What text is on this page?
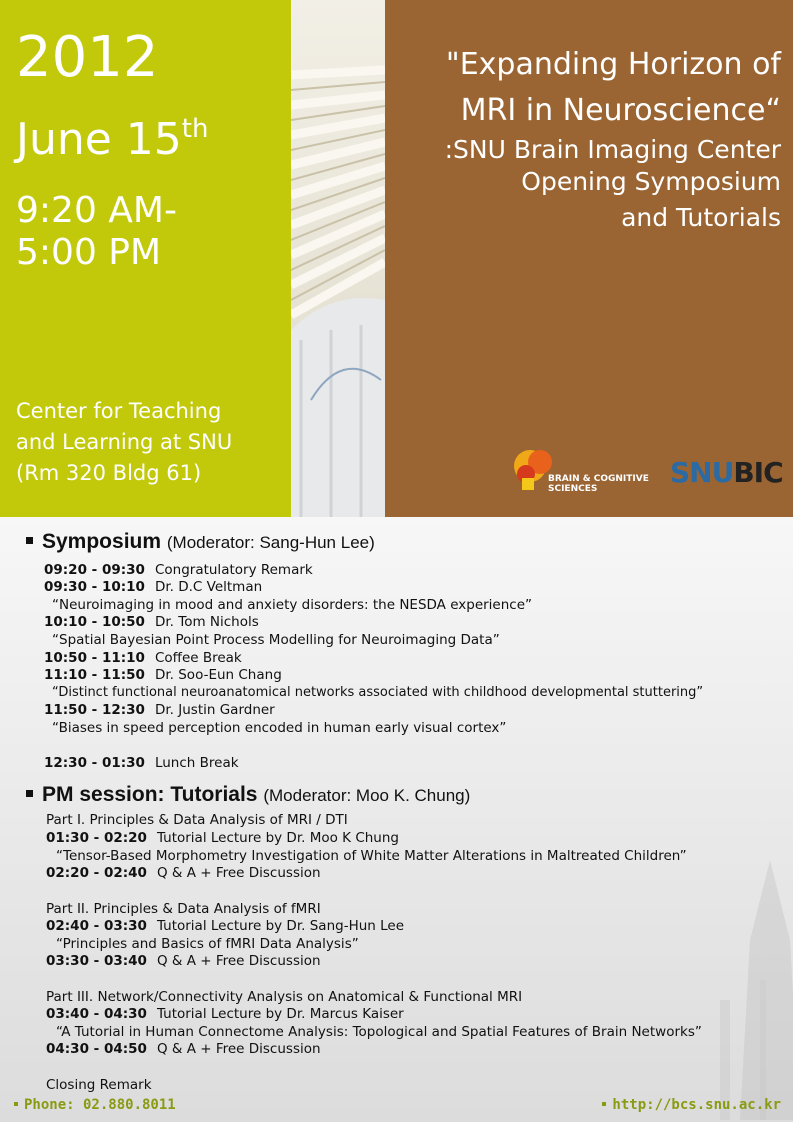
2012
June 15th
9:20 AM-
5:00 PM
Center for Teaching
and Learning at SNU
(Rm 320 Bldg 61)
"Expanding Horizon of
MRI in Neuroscience“
:SNU Brain Imaging Center
Opening Symposium
and Tutorials
BRAIN & COGNITIVE
SCIENCES	SNUBIC
Symposium (Moderator: Sang-Hun Lee)
09:20 - 09:30 Congratulatory Remark
09:30 - 10:10 Dr. D.C Veltman
“Neuroimaging in mood and anxiety disorders: the NESDA experience”
10:10 - 10:50 Dr. Tom Nichols
“Spatial Bayesian Point Process Modelling for Neuroimaging Data”
10:50 - 11:10 Coffee Break
11:10 - 11:50 Dr. Soo-Eun Chang
“Distinct functional neuroanatomical networks associated with childhood developmental stuttering”
11:50 - 12:30 Dr. Justin Gardner
“Biases in speed perception encoded in human early visual cortex”
12:30 - 01:30 Lunch Break
PM session: Tutorials (Moderator: Moo K. Chung)
Part I. Principles & Data Analysis of MRI / DTI
01:30 - 02:20 Tutorial Lecture by Dr. Moo K Chung
“Tensor-Based Morphometry Investigation of White Matter Alterations in Maltreated Children”
02:20 - 02:40 Q & A + Free Discussion
Part II. Principles & Data Analysis of fMRI
02:40 - 03:30 Tutorial Lecture by Dr. Sang-Hun Lee
“Principles and Basics of fMRI Data Analysis”
03:30 - 03:40 Q & A + Free Discussion
Part III. Network/Connectivity Analysis on Anatomical & Functional MRI
03:40 - 04:30 Tutorial Lecture by Dr. Marcus Kaiser
“A Tutorial in Human Connectome Analysis: Topological and Spatial Features of Brain Networks”
04:30 - 04:50 Q & A + Free Discussion
Closing Remark
Phone: 02.880.8011	http://bcs.snu.ac.kr
